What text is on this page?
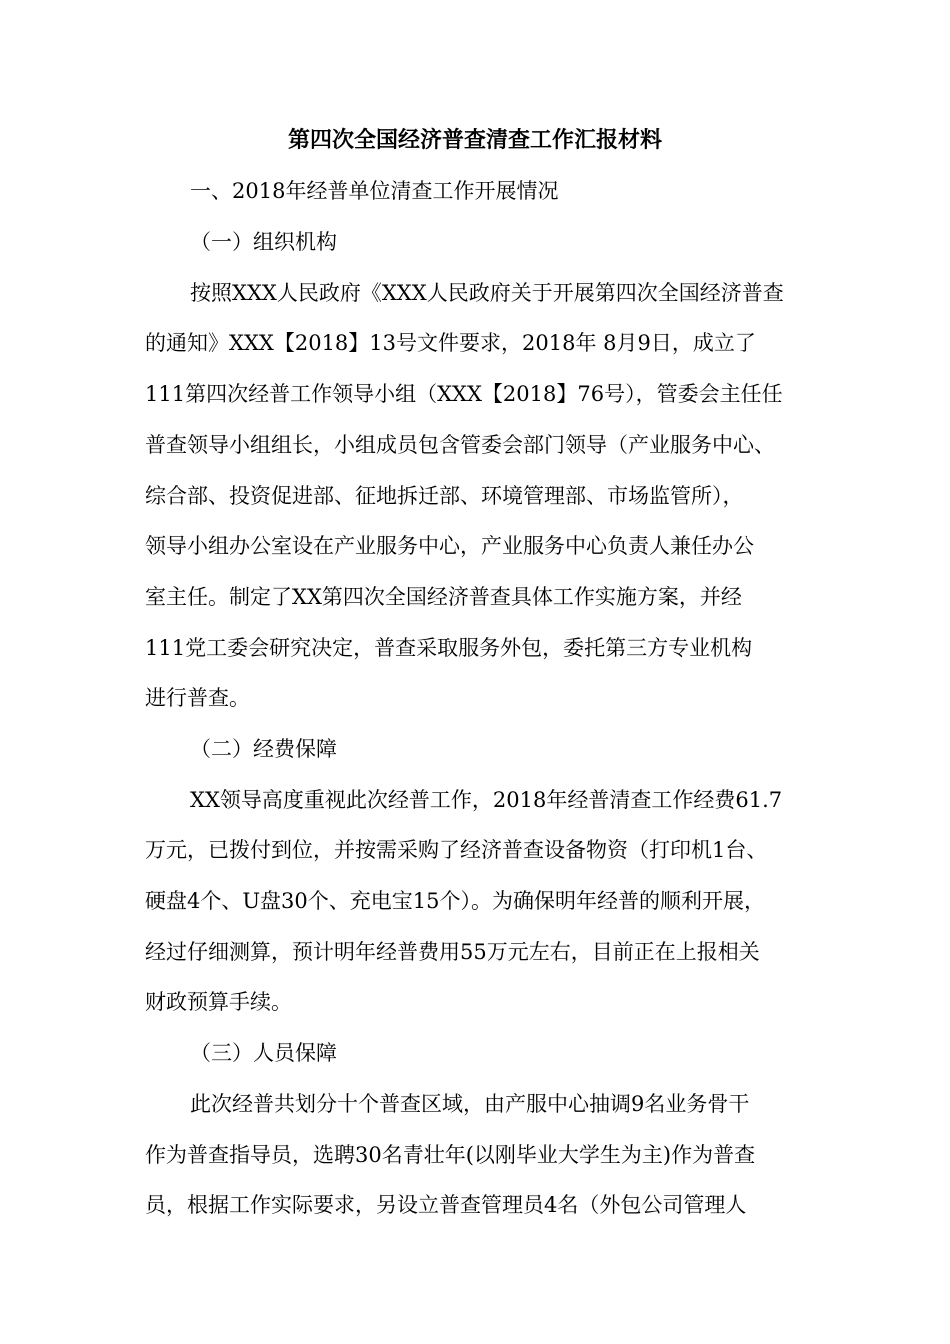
第四次全国经济普查清查工作汇报材料
一、2018年经普单位清查工作开展情况
（一）组织机构
按照XXX人民政府《XXX人民政府关于开展第四次全国经济普查
的通知》XXX【2018】13号文件要求，2018年 8月9日，成立了
111第四次经普工作领导小组（XXX【2018】76号），管委会主任任
普查领导小组组长，小组成员包含管委会部门领导（产业服务中心、
综合部、投资促进部、征地拆迁部、环境管理部、市场监管所），
领导小组办公室设在产业服务中心，产业服务中心负责人兼任办公
室主任。制定了XX第四次全国经济普查具体工作实施方案，并经
111党工委会研究决定，普查采取服务外包，委托第三方专业机构
进行普查。
（二）经费保障
XX领导高度重视此次经普工作，2018年经普清查工作经费61.7
万元，已拨付到位，并按需采购了经济普查设备物资（打印机1台、
硬盘4个、U盘30个、充电宝15个）。为确保明年经普的顺利开展，
经过仔细测算，预计明年经普费用55万元左右，目前正在上报相关
财政预算手续。
（三）人员保障
此次经普共划分十个普查区域，由产服中心抽调9名业务骨干
作为普查指导员，选聘30名青壮年(以刚毕业大学生为主)作为普查
员，根据工作实际要求，另设立普查管理员4名（外包公司管理人
